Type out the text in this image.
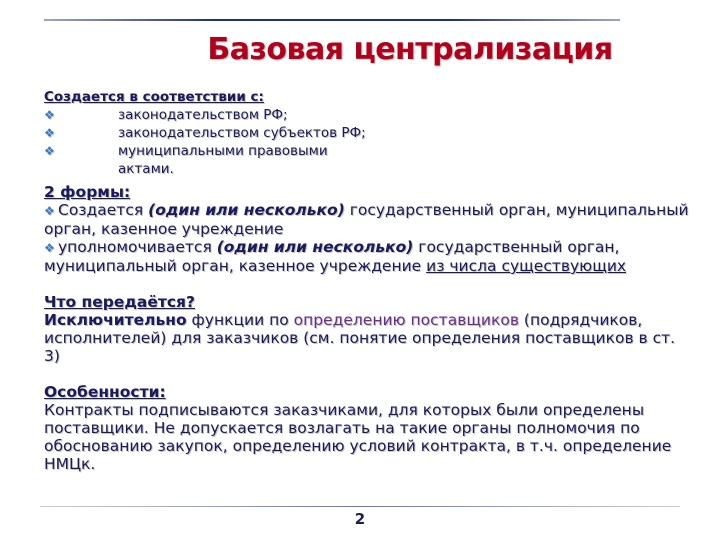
Базовая централизация
Создается в соответствии с:
❖	законодательством РФ;
❖	законодательством субъектов РФ;
❖	муниципальными правовыми
актами.
2 формы:
❖ Создается (один или несколько) государственный орган, муниципальный орган, казенное учреждение
❖ уполномочивается (один или несколько) государственный орган, муниципальный орган, казенное учреждение из числа существующих
Что передаётся?
Исключительно функции по определению поставщиков (подрядчиков, исполнителей) для заказчиков (см. понятие определения поставщиков в ст. 3)
Особенности:
Контракты подписываются заказчиками, для которых были определены поставщики. Не допускается возлагать на такие органы полномочия по обоснованию закупок, определению условий контракта, в т.ч. определение НМЦк.
2
